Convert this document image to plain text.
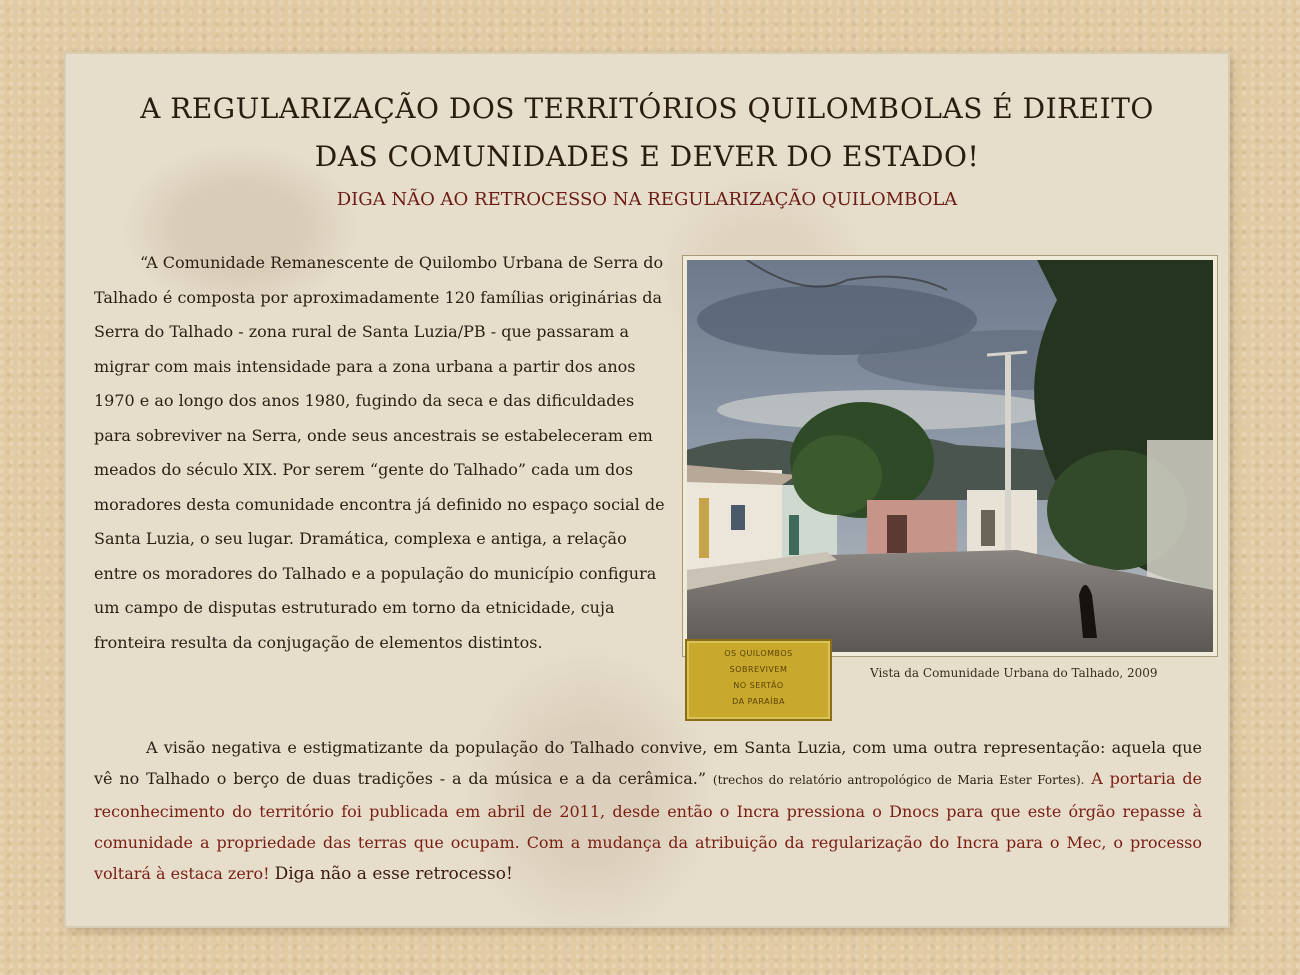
A REGULARIZAÇÃO DOS TERRITÓRIOS QUILOMBOLAS É DIREITO
DAS COMUNIDADES E DEVER DO ESTADO!
DIGA NÃO AO RETROCESSO NA REGULARIZAÇÃO QUILOMBOLA

“A Comunidade Remanescente de Quilombo Urbana de Serra do Talhado é composta por aproximadamente 120 famílias originárias da Serra do Talhado - zona rural de Santa Luzia/PB - que passaram a migrar com mais intensidade para a zona urbana a partir dos anos 1970 e ao longo dos anos 1980, fugindo da seca e das dificuldades para sobreviver na Serra, onde seus ancestrais se estabeleceram em meados do século XIX. Por serem “gente do Talhado” cada um dos moradores desta comunidade encontra já definido no espaço social de Santa Luzia, o seu lugar. Dramática, complexa e antiga, a relação entre os moradores do Talhado e a população do município configura um campo de disputas estruturado em torno da etnicidade, cuja fronteira resulta da conjugação de elementos distintos.

OS QUILOMBOS
SOBREVIVEM
NO SERTÃO
DA PARAÍBA

Vista da Comunidade Urbana do Talhado, 2009

A visão negativa e estigmatizante da população do Talhado convive, em Santa Luzia, com uma outra representação: aquela que vê no Talhado o berço de duas tradições - a da música e a da cerâmica.” (trechos do relatório antropológico de Maria Ester Fortes). A portaria de reconhecimento do território foi publicada em abril de 2011, desde então o Incra pressiona o Dnocs para que este órgão repasse à comunidade a propriedade das terras que ocupam. Com a mudança da atribuição da regularização do Incra para o Mec, o processo voltará à estaca zero! Diga não a esse retrocesso!
